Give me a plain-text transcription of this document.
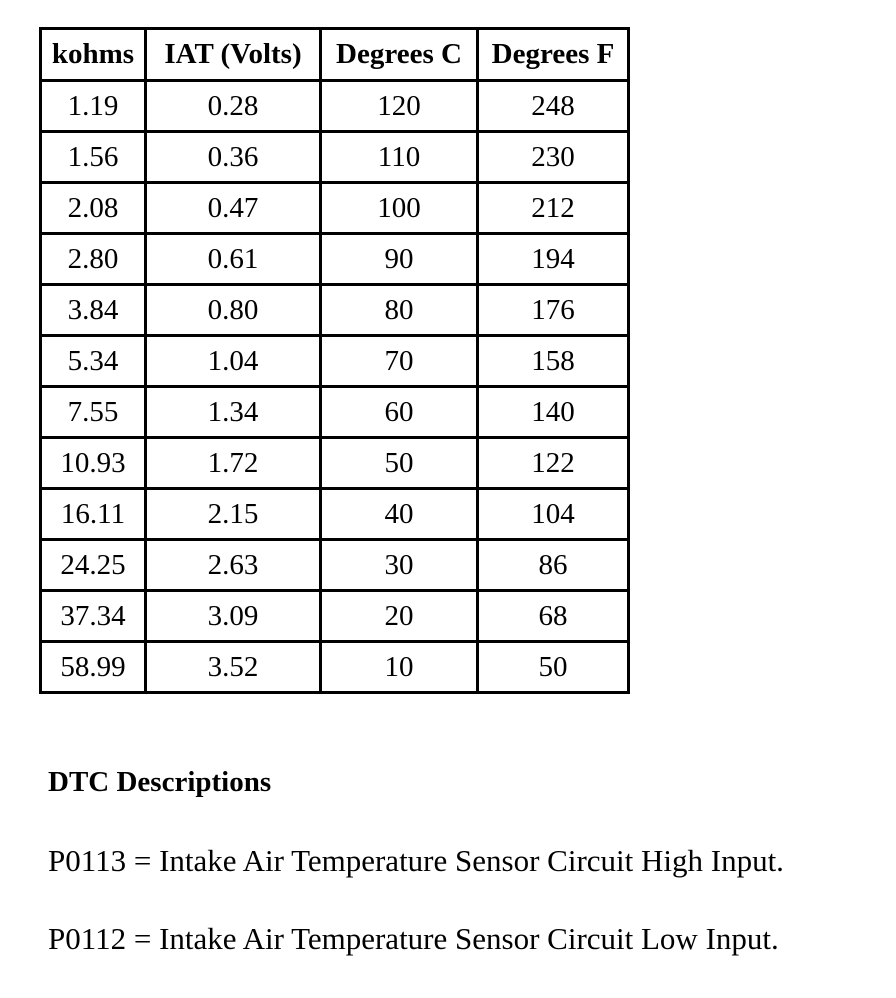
kohms	IAT (Volts)	Degrees C	Degrees F
1.19	0.28	120	248
1.56	0.36	110	230
2.08	0.47	100	212
2.80	0.61	90	194
3.84	0.80	80	176
5.34	1.04	70	158
7.55	1.34	60	140
10.93	1.72	50	122
16.11	2.15	40	104
24.25	2.63	30	86
37.34	3.09	20	68
58.99	3.52	10	50
DTC Descriptions

P0113 = Intake Air Temperature Sensor Circuit High Input.

P0112 = Intake Air Temperature Sensor Circuit Low Input.
